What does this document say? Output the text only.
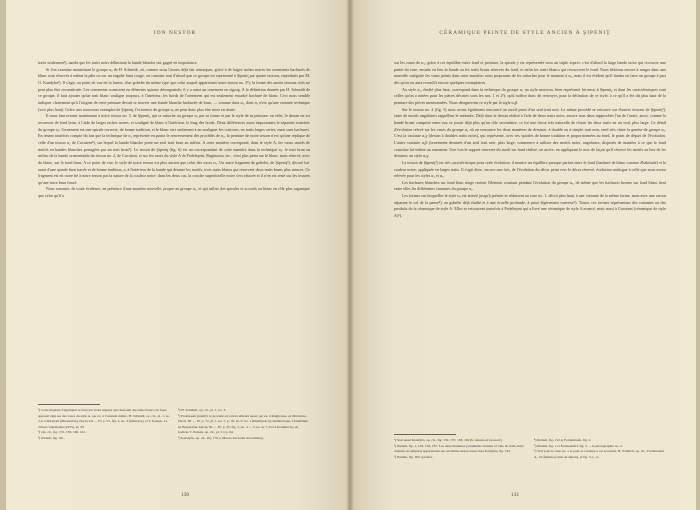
ION NESTOR

traits seulement¹), tandis que les traits noirs délimitant la bande blanche ont gagné en importance.

Si l'on examine maintenant le groupe α₂ de H. Schmidt, où, comme nous l'avons déjà fait remarquer, grâce à de larges taches noires les ornements hachurés de blanc sont réservés à même la pâte ou sur un engobe brun rouge, on constate tout d'abord que ce groupe est représenté à Şipeniţ par quatre tessons, reproduits par M. O. Kandyba²). Il s'agit, au point de vue de la forme, d'un gobelet du même type que celui auquel appartenait notre tesson no. 3³); la forme des autres tessons cités ne peut plus être reconstituée. Les ornements consistent en éléments spiraux désorganisés; il y a aussi un ornement en zigzag. A la définition donnée par H. Schmidt de ce groupe, il faut ajouter qu'un trait blanc souligne toujours, à l'intérieur, les bords de l'ornement qui est seulement encadré hachuré de blanc. Ceci nous semble indiquer clairement qu'à l'origine de cette peinture devait se trouver une bande blanche hachurée de brun, — comme dans α₁, dont α₂ n'est qu'une variante technique (voir plus haut). Grâce aux nouveaux exemples de Şipeniţ, l'existence du groupe α₂ ne peut donc plus être mise en doute.

Il nous faut revenir maintenant à notre tesson no. 3, de Şipeniţ, qui se rattache au groupe α₂ par sa forme et par le style de sa peinture: en effet, le dessin en est recouvert de fond brun, à l'aide de larges taches noires, et souligné de blanc à l'intérieur, le long des bords. Deux différences assez importantes le séparent toutefois du groupe α₂: l'ornement est une spirale correcte, de bonne tradition, et le blanc sert seulement à en souligner les contours, en traits larges certes, mais sans hachures. En tenant toutefois compte du fait que la technique de α₁ représente en partie le renversement des procédés de α₂, la peinture de notre tesson n'est qu'une réplique de celle d'un tesson α₂ de Cucuteni⁴), sur lequel la bande blanche porte un seul trait brun au milieu. A cette manière correspond, dans le style A, les vases usuels de motifs en bandes blanches portagées par un trait brun⁵). Le tesson de Şipeniţ (fig. 6) est un correspondant de cette manière dans la technique α₂: le trait brun au milieu de la bande ornementale du tesson no. 2, de Cucuteni, et sur les vases du style A de Fedeleşeni, Ruginoasa, etc., n'est plus peint sur le blanc, mais réservé, avec du blanc, sur le fond brun. A ce point de vue, le style de notre tesson est plus ancien que celui des vases α₂. Un autre fragment de gobelet, de Şipeniţ⁶), décoré lui-aussi d'une spirale bien tracée et de bonne tradition, a, à l'intérieur de la bande qui dessine les motifs, trois traits blancs qui réservent deux traits bruns plus minces. Ce fragment est en outre lié à notre tesson par la nature de la couleur noire: dans les deux cas, la couche superficielle noire s'est effacée et il n'en est resté sur les tessons qu'une trace brun foncé.

Nous sommes, de toute évidence, en présence d'une manière nouvelle, propre au groupe α₂, et qui utilise des spirales et accords au blanc en rôle plus organique que celui qu'il a

¹) Cette manière d'appliquer le brun par traits séparés qui réservent des traits blancs du fond, apparaît déjà sur des vases du style A, par ex. à Cucuteni même, H. Schmidt, op. cit., pl. 1, no. 2 et à Darabani (Bessarabie), Dacia, III — IV, p. 55, fig. 4, no. 3 (Ghitescu), et T. Passek, La culture tripolienne (1935), pl. 20.

²) Op. cit., fig. 155, 158, 160, 161.

³) Ibidem, fig. 161.

⁴) H. Schmidt, op. cit., pl. 1, no. 3.

⁵) Fedeleşeni (inédit): le procédé est relevé ailleurs aussi, par ex. à Ruginoasa, en Moldavie, Dacia, III — IV, p. 72, pl. 1, no. 7, p. 76, pl. V, no. 1 (Dumitrescu); Dumbrăveni, à Dumbăun en Bessarabie, Dacia, III — IV, p. 35, fig. 2, no. 4 — 5, no. 6, 7, 8 et à Koshilovtsy en Galicie, T. Passek, op. cit., pl. 5 à p. 64.

⁶) Kandyba, op. cit., fig. 170 a; Maoro-Szczotka de Lemberg.

130
CÉRAMIQUE PEINTE DE STYLE ANCIEN À ŞIPENIŢ

sur les vases de α₁; grâce à cet équilibre entre fond et peinture, la spirale y est représentée sous un triple aspect: c'est d'abord la large bande noire qui recouvre une partie du vase, ensuite en lieu la bande ou les traits bruns réservés du fond, et enfin les traits blancs qui recouvrent le fond. Nous hésitons encore à ranger dans une nouvelle catégorie les vases peints dans cette manière; nous proposons de les rattacher pour le moment à α₂, mais il est évident qu'il faudra en faire un groupe à part dès qu'on en aura recueilli encore quelques exemplaires.

Au style α₂, étudié plus haut, correspond dans la technique du groupe α₂ un style nouveau, bien représenté lui-aussi à Şipeniţ, et dont les caractéristiques sont celles qu'on a notées pour les pièces décrites sous les nos. 1 et 2¹); qu'il suffise donc de renvoyer, pour la définition de ce style, à ce qu'il a été dit plus haut de la peinture des pièces mentionnées. Nous désignerons ce style par le sigle α₂β.

Sur le tesson no. 2 (fig. 5) nous avons également rencontré un motif peint d'un seul trait noir. Le même procédé se retrouve sur d'autres tessons de Şipeniţ²), entre de motifs angulaires rappellent le méandre. Déjà dans le dessin réalisé à l'aile de deux traits noirs, encore tous deux rapprochés l'un de l'autre; aussi, comme la bande brune comprise entre eux se jouait déjà plus qu'un rôle secondaire, ce fut une chose très naturelle de réunir les deux traits en un seul, plus large. Ce détail d'évolution relevé sur les vases du groupe α₁ où on rencontre les deux manières de dessiner, à double ou à simple trait noir, rend très claire la genèse de groupe α₂. C'est la variante α₂γ (dessin à doubles traits noirs), qui représente, avec ses spirales de bonne tradition et proportionnées au fond, le point de départ de l'évolution. L'autre variante α₂β (ornements dessinés d'un seul trait noir, plus large, commence à utiliser des motifs noirs, angulaires, disposés de manière à ce que le fond constitue lui-même un ornement. Une fois le rapport renversé du motif sur fond réalisé, on arrive, en appliquant le noir de façon qu'il réserve les motifs au lieu de les dessiner, au style α₂γ.

Le tesson de Şipeniţ³) est très caractéristique pour cette évolution: il montre un équilibre presque parfait entre le fond (hachuré de blanc comme d'habitude) et la couleur noire, appliquée en larges traits. Il s'agit donc, encore une fois, de l'évolution du décor peint vers le décor réservé, évolution analogue à celle que nous avons relevée pour les styles α₁ et α₂.

Les hachures blanches sur fond brun rouge restent l'élément constant pendant l'évolution du groupe α₂, de même que les hachures brunes sur fond blanc lient entre elles les différentes variantes du groupe α₁.

Les formes sur lesquelles le style α₂ est attesté jusqu'à présent se réduisent au vase no. 1, décrit plus haut, à une variante de la même forme, mais avec une raison séparant le col de la panse⁴), au gobelet déjà étudié et à une écuelle profonde, à paroi légèrement convexe⁵). Toutes ces formes représentent des variantes ou des produits de la céramique de style A. Elles se retrouvent toutefois à Fedeleşeni qui a livré une céramique de style A avancé, mais aussi à Cucuteni (céramique de style A)⁶).

¹) Voir aussi Kandyba, op. cit., fig. 152, 157, 158, 162 (le dessin est incorect).

²) Ibidem, fig. 1, 158, 156, 167. Les deux manières (ornements réalisés à l'aide de traits noirs doubles ou simples) apparaissent sur un même tesson aussi chez Kandyba, fig. 152.

³) Ibidem, fig. 165; gobelet.

⁴) Ibidem, fig. 152 et Formentafel, fig. 2.

⁵) Ibidem, fig. 1 et Formentafel, fig. 5 — le photographie no. 2.

⁶) Voir pour le vase no. 1 et pour sa variante à col accentué, H. Schmidt, op. cit., Formentafel A, 14 (femme pointe de départ), et fig. 5 a—b.

131
